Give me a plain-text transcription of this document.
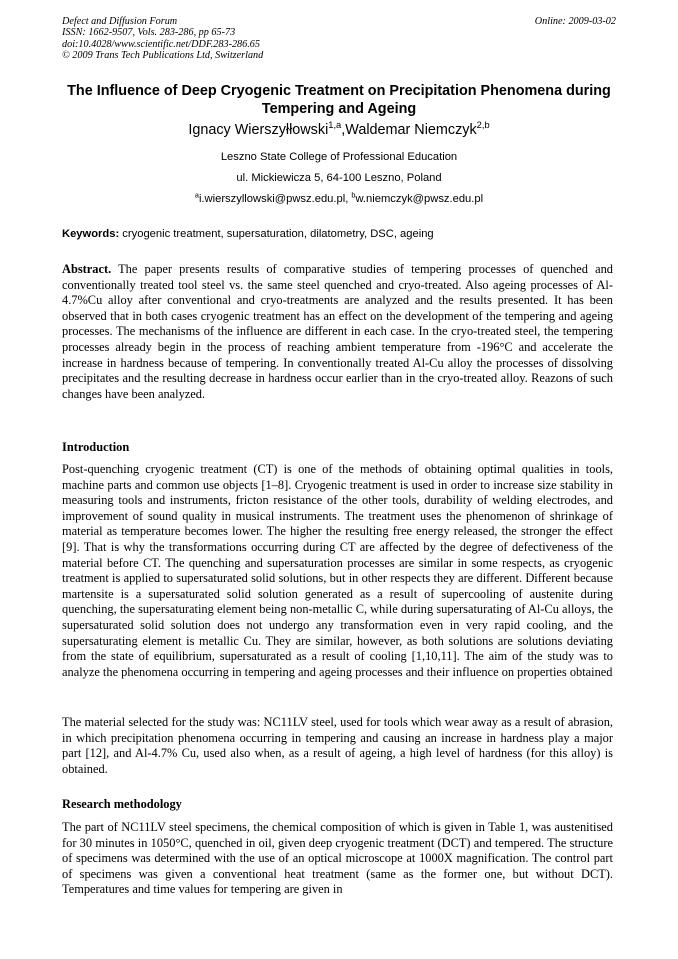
Defect and Diffusion Forum
ISSN: 1662-9507, Vols. 283-286, pp 65-73
doi:10.4028/www.scientific.net/DDF.283-286.65
© 2009 Trans Tech Publications Ltd, Switzerland
Online: 2009-03-02
The Influence of Deep Cryogenic Treatment on Precipitation Phenomena during Tempering and Ageing
Ignacy Wierszyłłowski$^{1,a}$,Waldemar Niemczyk$^{2,b}$
Leszno State College of Professional Education
ul. Mickiewicza 5, 64-100 Leszno, Poland
$^a$i.wierszyllowski@pwsz.edu.pl, $^b$w.niemczyk@pwsz.edu.pl
Keywords: cryogenic treatment, supersaturation, dilatometry, DSC, ageing
Abstract. The paper presents results of comparative studies of tempering processes of quenched and conventionally treated tool steel vs. the same steel quenched and cryo-treated. Also ageing processes of Al-4.7%Cu alloy after conventional and cryo-treatments are analyzed and the results presented. It has been observed that in both cases cryogenic treatment has an effect on the development of the tempering and ageing processes. The mechanisms of the influence are different in each case. In the cryo-treated steel, the tempering processes already begin in the process of reaching ambient temperature from -196°C and accelerate the increase in hardness because of tempering. In conventionally treated Al-Cu alloy the processes of dissolving precipitates and the resulting decrease in hardness occur earlier than in the cryo-treated alloy. Reazons of such changes have been analyzed.
Introduction
Post-quenching cryogenic treatment (CT) is one of the methods of obtaining optimal qualities in tools, machine parts and common use objects [1–8]. Cryogenic treatment is used in order to increase size stability in measuring tools and instruments, fricton resistance of the other tools, durability of welding electrodes, and improvement of sound quality in musical instruments. The treatment uses the phenomenon of shrinkage of material as temperature becomes lower. The higher the resulting free energy released, the stronger the effect [9]. That is why the transformations occurring during CT are affected by the degree of defectiveness of the material before CT. The quenching and supersaturation processes are similar in some respects, as cryogenic treatment is applied to supersaturated solid solutions, but in other respects they are different. Different because martensite is a supersaturated solid solution generated as a result of supercooling of austenite during quenching, the supersaturating element being non-metallic C, while during supersaturating of Al-Cu alloys, the supersaturated solid solution does not undergo any transformation even in very rapid cooling, and the supersaturating element is metallic Cu. They are similar, however, as both solutions are solutions deviating from the state of equilibrium, supersaturated as a result of cooling [1,10,11]. The aim of the study was to analyze the phenomena occurring in tempering and ageing processes and their influence on properties obtained
The material selected for the study was: NC11LV steel, used for tools which wear away as a result of abrasion, in which precipitation phenomena occurring in tempering and causing an increase in hardness play a major part [12], and Al-4.7% Cu, used also when, as a result of ageing, a high level of hardness (for this alloy) is obtained.
Research methodology
The part of NC11LV steel specimens, the chemical composition of which is given in Table 1, was austenitised for 30 minutes in 1050°C, quenched in oil, given deep cryogenic treatment (DCT) and tempered. The structure of specimens was determined with the use of an optical microscope at 1000X magnification. The control part of specimens was given a conventional heat treatment (same as the former one, but without DCT). Temperatures and time values for tempering are given in
